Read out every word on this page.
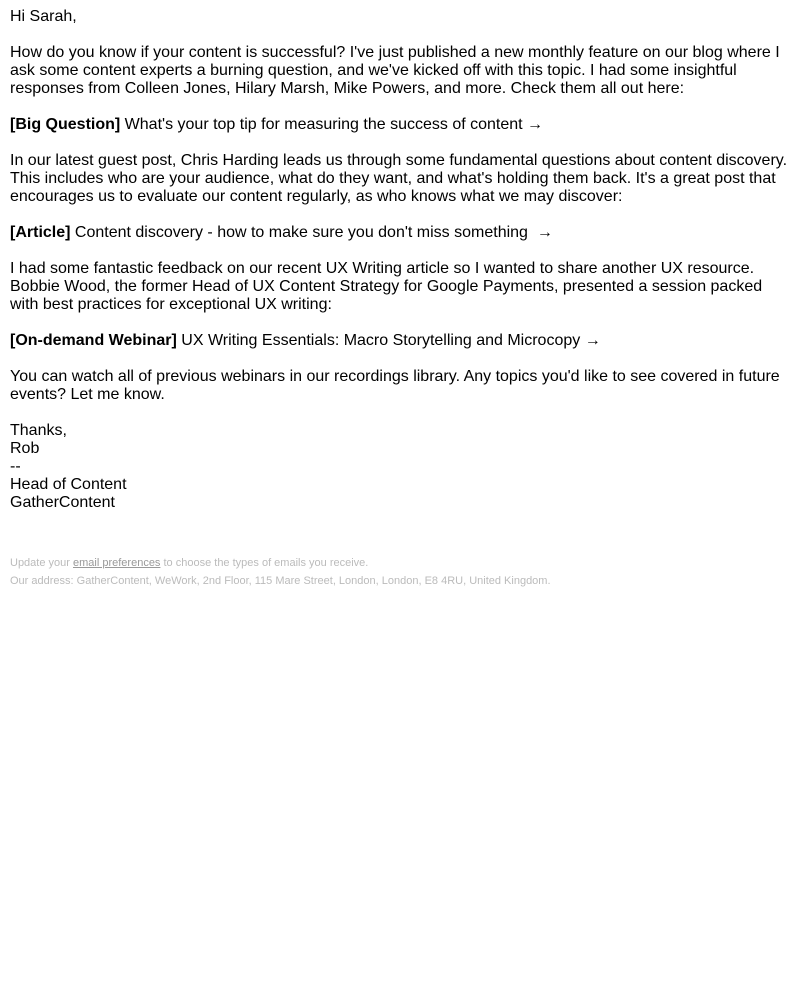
Hi Sarah,

How do you know if your content is successful? I've just published a new monthly feature on our blog where I ask some content experts a burning question, and we've kicked off with this topic. I had some insightful responses from Colleen Jones, Hilary Marsh, Mike Powers, and more. Check them all out here:

[Big Question] What's your top tip for measuring the success of content →

In our latest guest post, Chris Harding leads us through some fundamental questions about content discovery. This includes who are your audience, what do they want, and what's holding them back. It's a great post that encourages us to evaluate our content regularly, as who knows what we may discover:

[Article] Content discovery - how to make sure you don't miss something  →

I had some fantastic feedback on our recent UX Writing article so I wanted to share another UX resource. Bobbie Wood, the former Head of UX Content Strategy for Google Payments, presented a session packed with best practices for exceptional UX writing:

[On-demand Webinar] UX Writing Essentials: Macro Storytelling and Microcopy →

You can watch all of previous webinars in our recordings library. Any topics you'd like to see covered in future events? Let me know.

Thanks,
Rob
--
Head of Content
GatherContent
Update your email preferences to choose the types of emails you receive.
Our address: GatherContent, WeWork, 2nd Floor, 115 Mare Street, London, London, E8 4RU, United Kingdom.
